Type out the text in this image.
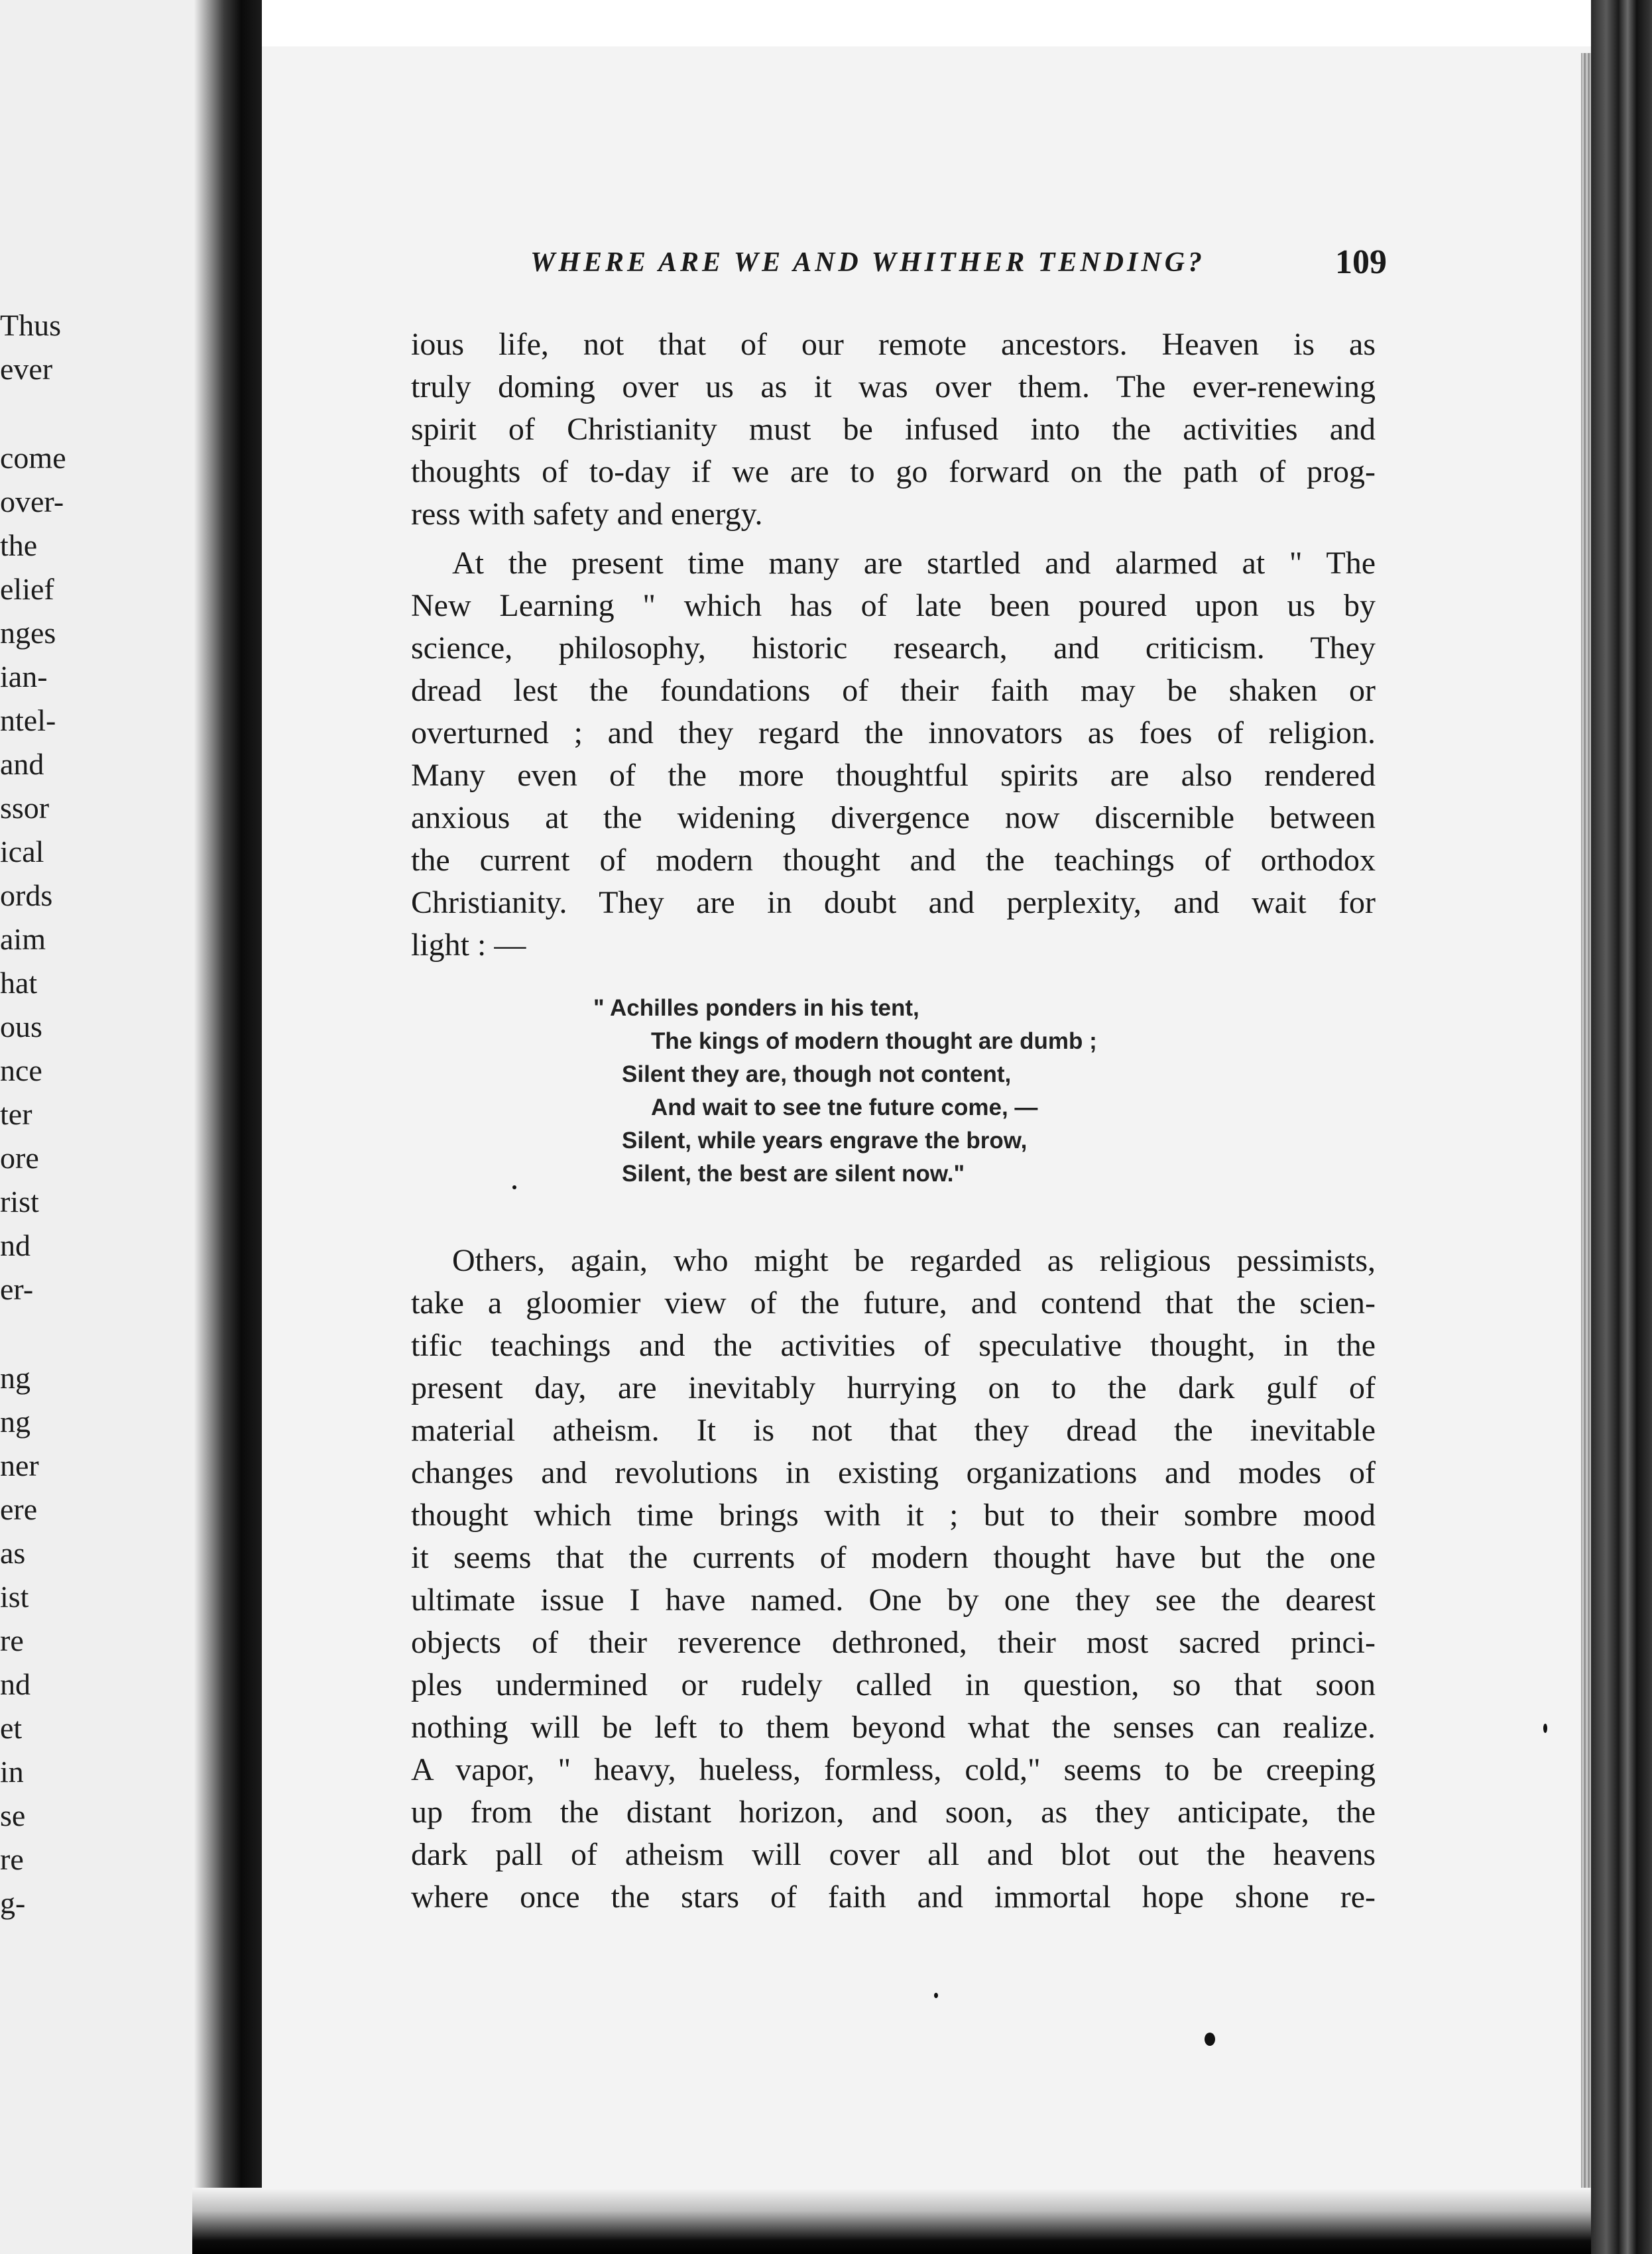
Thus
ever
come
over-
the
elief
nges
ian-
ntel-
and
ssor
ical
ords
aim
hat
ous
nce
ter
ore
rist
nd
er-
ng
ng
ner
ere
as
ist
re
nd
et
in
se
re
g-
WHERE ARE WE AND WHITHER TENDING?	109
ious life, not that of our remote ancestors. Heaven is as
truly doming over us as it was over them. The ever-renewing
spirit of Christianity must be infused into the activities and
thoughts of to-day if we are to go forward on the path of prog-
ress with safety and energy.
At the present time many are startled and alarmed at " The
New Learning " which has of late been poured upon us by
science, philosophy, historic research, and criticism. They
dread lest the foundations of their faith may be shaken or
overturned ; and they regard the innovators as foes of religion.
Many even of the more thoughtful spirits are also rendered
anxious at the widening divergence now discernible between
the current of modern thought and the teachings of orthodox
Christianity. They are in doubt and perplexity, and wait for
light : —
" Achilles ponders in his tent,
The kings of modern thought are dumb ;
Silent they are, though not content,
And wait to see tne future come, —
Silent, while years engrave the brow,
Silent, the best are silent now."
Others, again, who might be regarded as religious pessimists,
take a gloomier view of the future, and contend that the scien-
tific teachings and the activities of speculative thought, in the
present day, are inevitably hurrying on to the dark gulf of
material atheism. It is not that they dread the inevitable
changes and revolutions in existing organizations and modes of
thought which time brings with it ; but to their sombre mood
it seems that the currents of modern thought have but the one
ultimate issue I have named. One by one they see the dearest
objects of their reverence dethroned, their most sacred princi-
ples undermined or rudely called in question, so that soon
nothing will be left to them beyond what the senses can realize.
A vapor, " heavy, hueless, formless, cold," seems to be creeping
up from the distant horizon, and soon, as they anticipate, the
dark pall of atheism will cover all and blot out the heavens
where once the stars of faith and immortal hope shone re-
